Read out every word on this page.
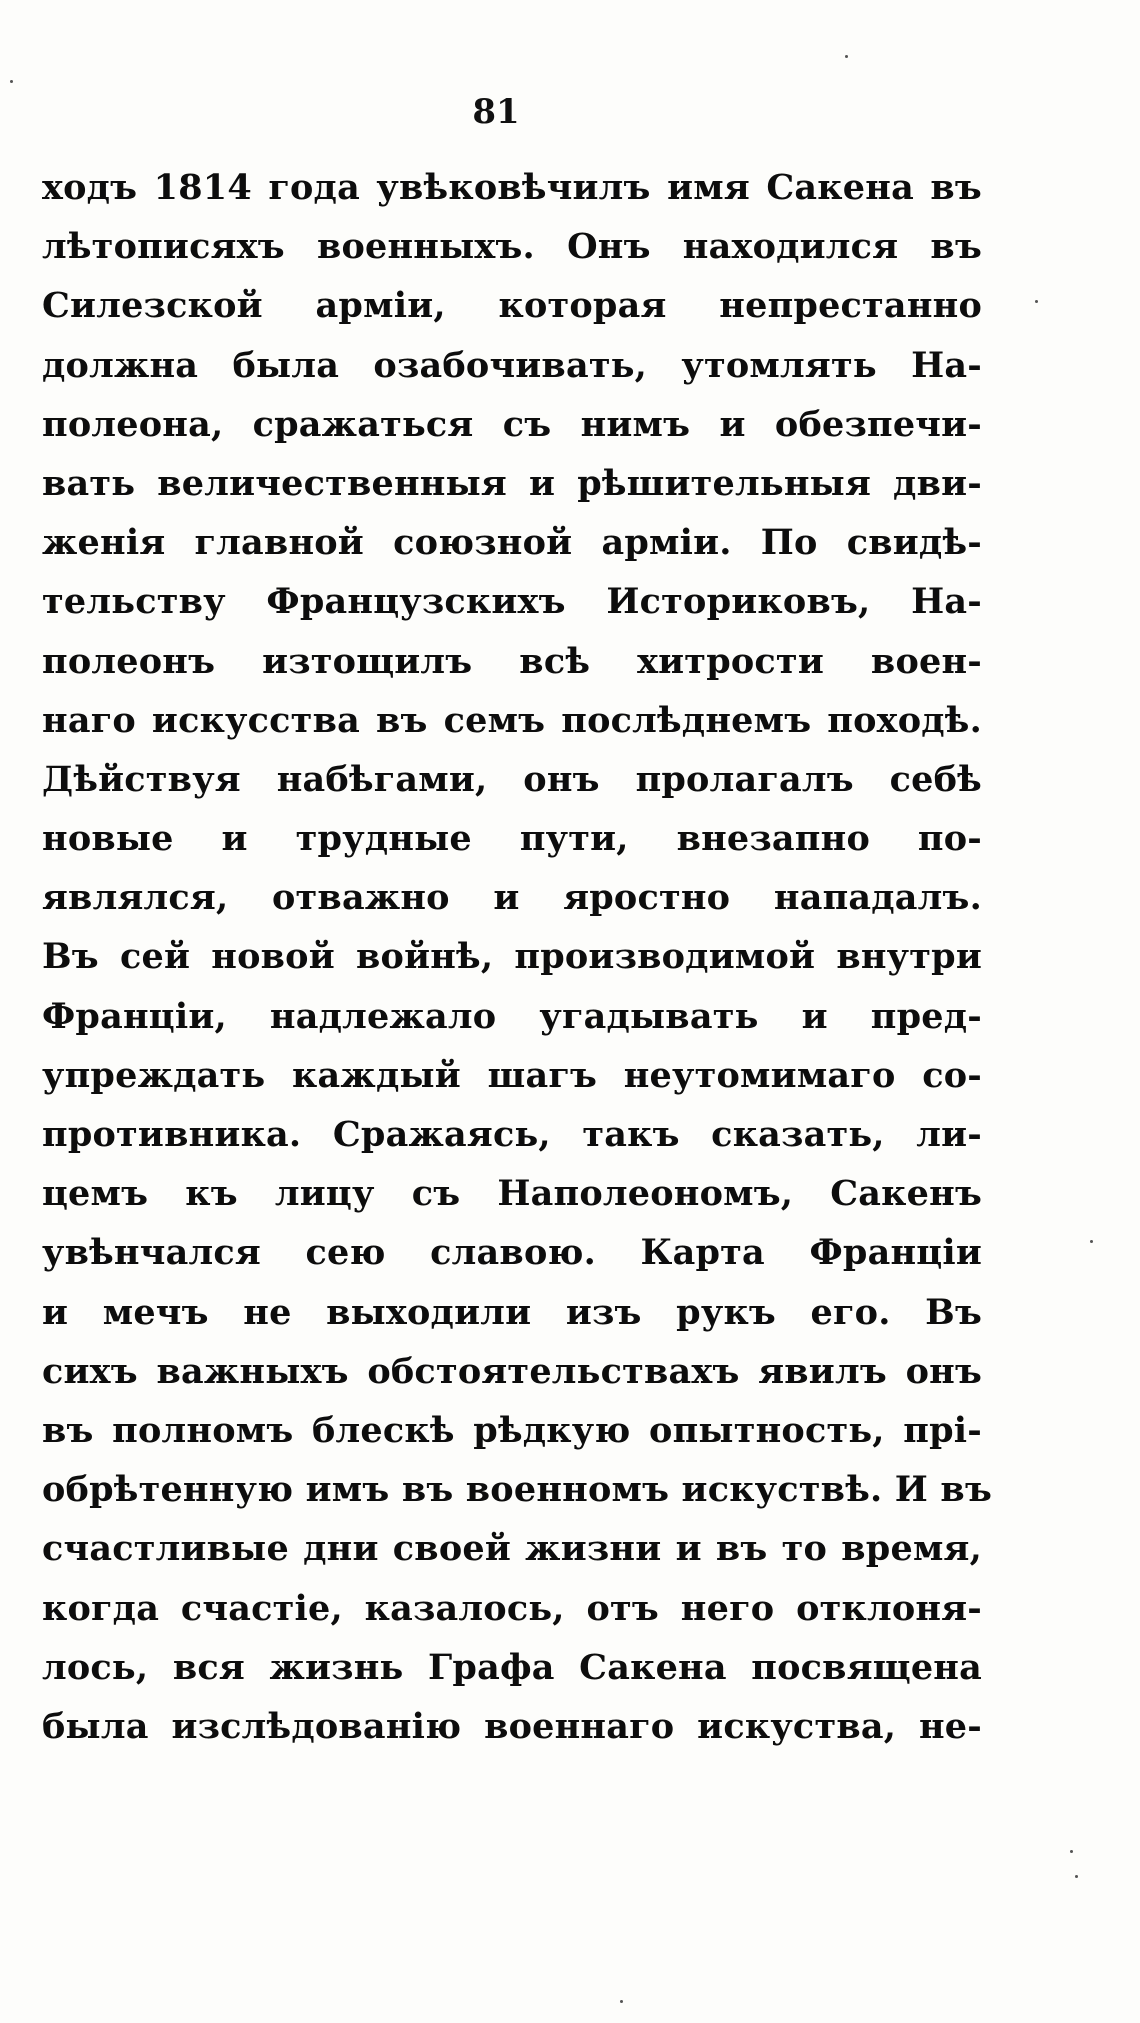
81
ходъ 1814 года увѣковѣчилъ имя Сакена въ
лѣтописяхъ военныхъ. Онъ находился въ
Силезской арміи, которая непрестанно
должна была озабочивать, утомлять На-
полеона, сражаться съ нимъ и обезпечи-
вать величественныя и рѣшительныя дви-
женія главной союзной арміи. По свидѣ-
тельству Французскихъ Историковъ, На-
полеонъ изтощилъ всѣ хитрости воен-
наго искусства въ семъ послѣднемъ походѣ.
Дѣйствуя набѣгами, онъ пролагалъ себѣ
новые и трудные пути, внезапно по-
являлся, отважно и яростно нападалъ.
Въ сей новой войнѣ, производимой внутри
Франціи, надлежало угадывать и пред-
упреждать каждый шагъ неутомимаго со-
противника. Сражаясь, такъ сказать, ли-
цемъ къ лицу съ Наполеономъ, Сакенъ
увѣнчался сею славою. Карта Франціи
и мечъ не выходили изъ рукъ его. Въ
сихъ важныхъ обстоятельствахъ явилъ онъ
въ полномъ блескѣ рѣдкую опытность, прі-
обрѣтенную имъ въ военномъ искуствѣ. И въ
счастливые дни своей жизни и въ то время,
когда счастіе, казалось, отъ него отклоня-
лось, вся жизнь Графа Сакена посвящена
была изслѣдованію военнаго искуства, не-
